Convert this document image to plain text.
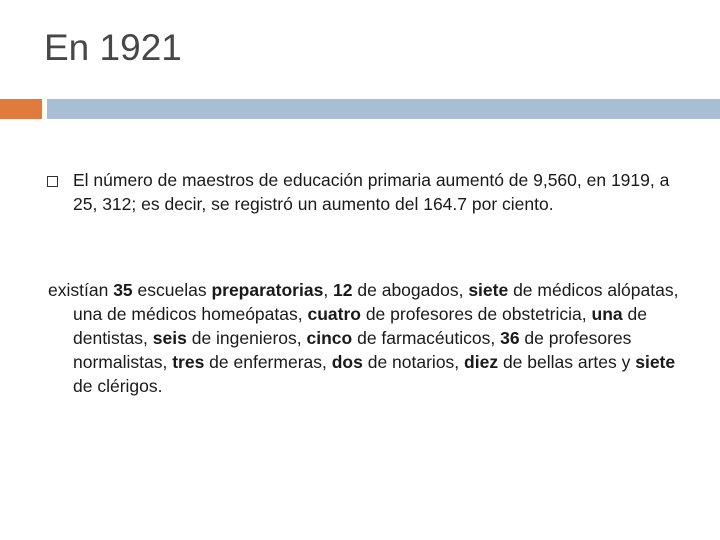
En 1921
El número de maestros de educación primaria aumentó de 9,560, en 1919, a 25, 312; es decir, se registró un aumento del 164.7 por ciento.
existían 35 escuelas preparatorias, 12 de abogados, siete de médicos alópatas, una de médicos homeópatas, cuatro de profesores de obstetricia, una de dentistas, seis de ingenieros, cinco de farmacéuticos, 36 de profesores normalistas, tres de enfermeras, dos de notarios, diez de bellas artes y siete de clérigos.
